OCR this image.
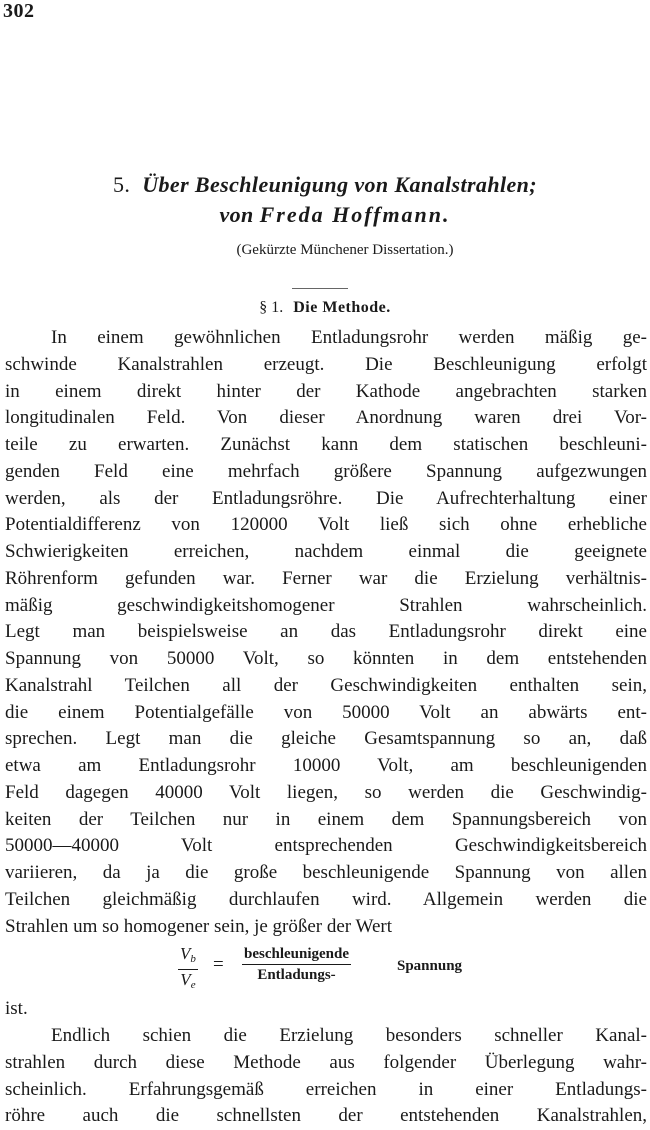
302
5. Über Beschleunigung von Kanalstrahlen;
von Freda Hoffmann.
(Gekürzte Münchener Dissertation.)
§ 1. Die Methode.
In einem gewöhnlichen Entladungsrohr werden mäßig ge-
schwinde Kanalstrahlen erzeugt. Die Beschleunigung erfolgt
in einem direkt hinter der Kathode angebrachten starken
longitudinalen Feld. Von dieser Anordnung waren drei Vor-
teile zu erwarten. Zunächst kann dem statischen beschleuni-
genden Feld eine mehrfach größere Spannung aufgezwungen
werden, als der Entladungsröhre. Die Aufrechterhaltung einer
Potentialdifferenz von 120000 Volt ließ sich ohne erhebliche
Schwierigkeiten erreichen, nachdem einmal die geeignete
Röhrenform gefunden war. Ferner war die Erzielung verhältnis-
mäßig geschwindigkeitshomogener Strahlen wahrscheinlich.
Legt man beispielsweise an das Entladungsrohr direkt eine
Spannung von 50000 Volt, so könnten in dem entstehenden
Kanalstrahl Teilchen all der Geschwindigkeiten enthalten sein,
die einem Potentialgefälle von 50000 Volt an abwärts ent-
sprechen. Legt man die gleiche Gesamtspannung so an, daß
etwa am Entladungsrohr 10000 Volt, am beschleunigenden
Feld dagegen 40000 Volt liegen, so werden die Geschwindig-
keiten der Teilchen nur in einem dem Spannungsbereich von
50000—40000 Volt entsprechenden Geschwindigkeitsbereich
variieren, da ja die große beschleunigende Spannung von allen
Teilchen gleichmäßig durchlaufen wird. Allgemein werden die
Strahlen um so homogener sein, je größer der Wert
$\frac{V_b}{V_e}$ = beschleunigende
Entladungs-
Spannung
ist.
Endlich schien die Erzielung besonders schneller Kanal-
strahlen durch diese Methode aus folgender Überlegung wahr-
scheinlich. Erfahrungsgemäß erreichen in einer Entladungs-
röhre auch die schnellsten der entstehenden Kanalstrahlen,
